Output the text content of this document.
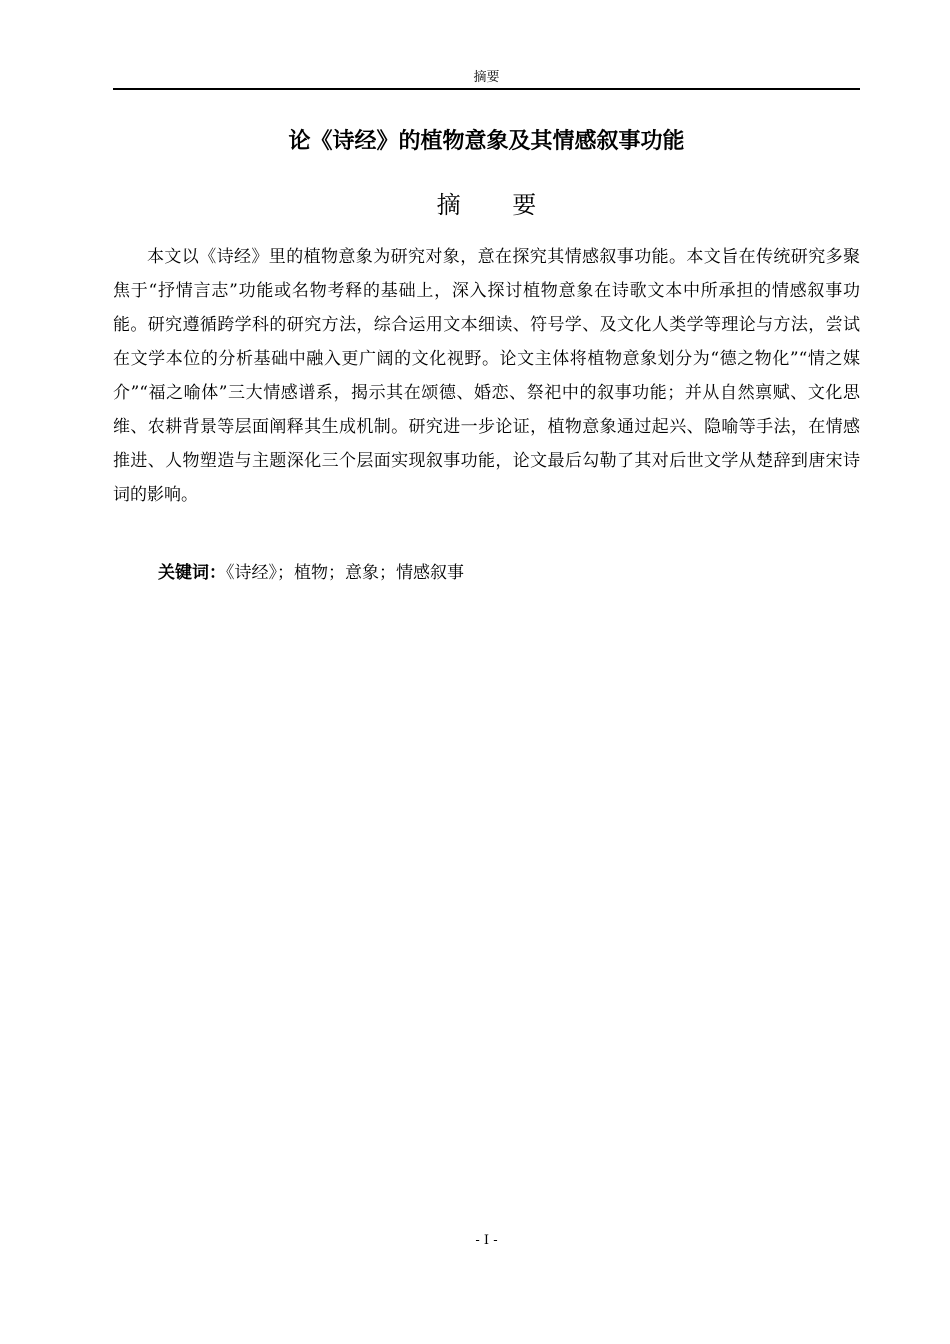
摘要
论《诗经》的植物意象及其情感叙事功能
摘 要

本文以《诗经》里的植物意象为研究对象，意在探究其情感叙事功能。本文旨在传统研究多聚焦于“抒情言志”功能或名物考释的基础上，深入探讨植物意象在诗歌文本中所承担的情感叙事功能。研究遵循跨学科的研究方法，综合运用文本细读、符号学、及文化人类学等理论与方法，尝试在文学本位的分析基础中融入更广阔的文化视野。论文主体将植物意象划分为“德之物化”“情之媒介”“福之喻体”三大情感谱系，揭示其在颂德、婚恋、祭祀中的叙事功能；并从自然禀赋、文化思维、农耕背景等层面阐释其生成机制。研究进一步论证，植物意象通过起兴、隐喻等手法，在情感推进、人物塑造与主题深化三个层面实现叙事功能，论文最后勾勒了其对后世文学从楚辞到唐宋诗词的影响。

关键词：《诗经》；植物；意象；情感叙事
- I -
